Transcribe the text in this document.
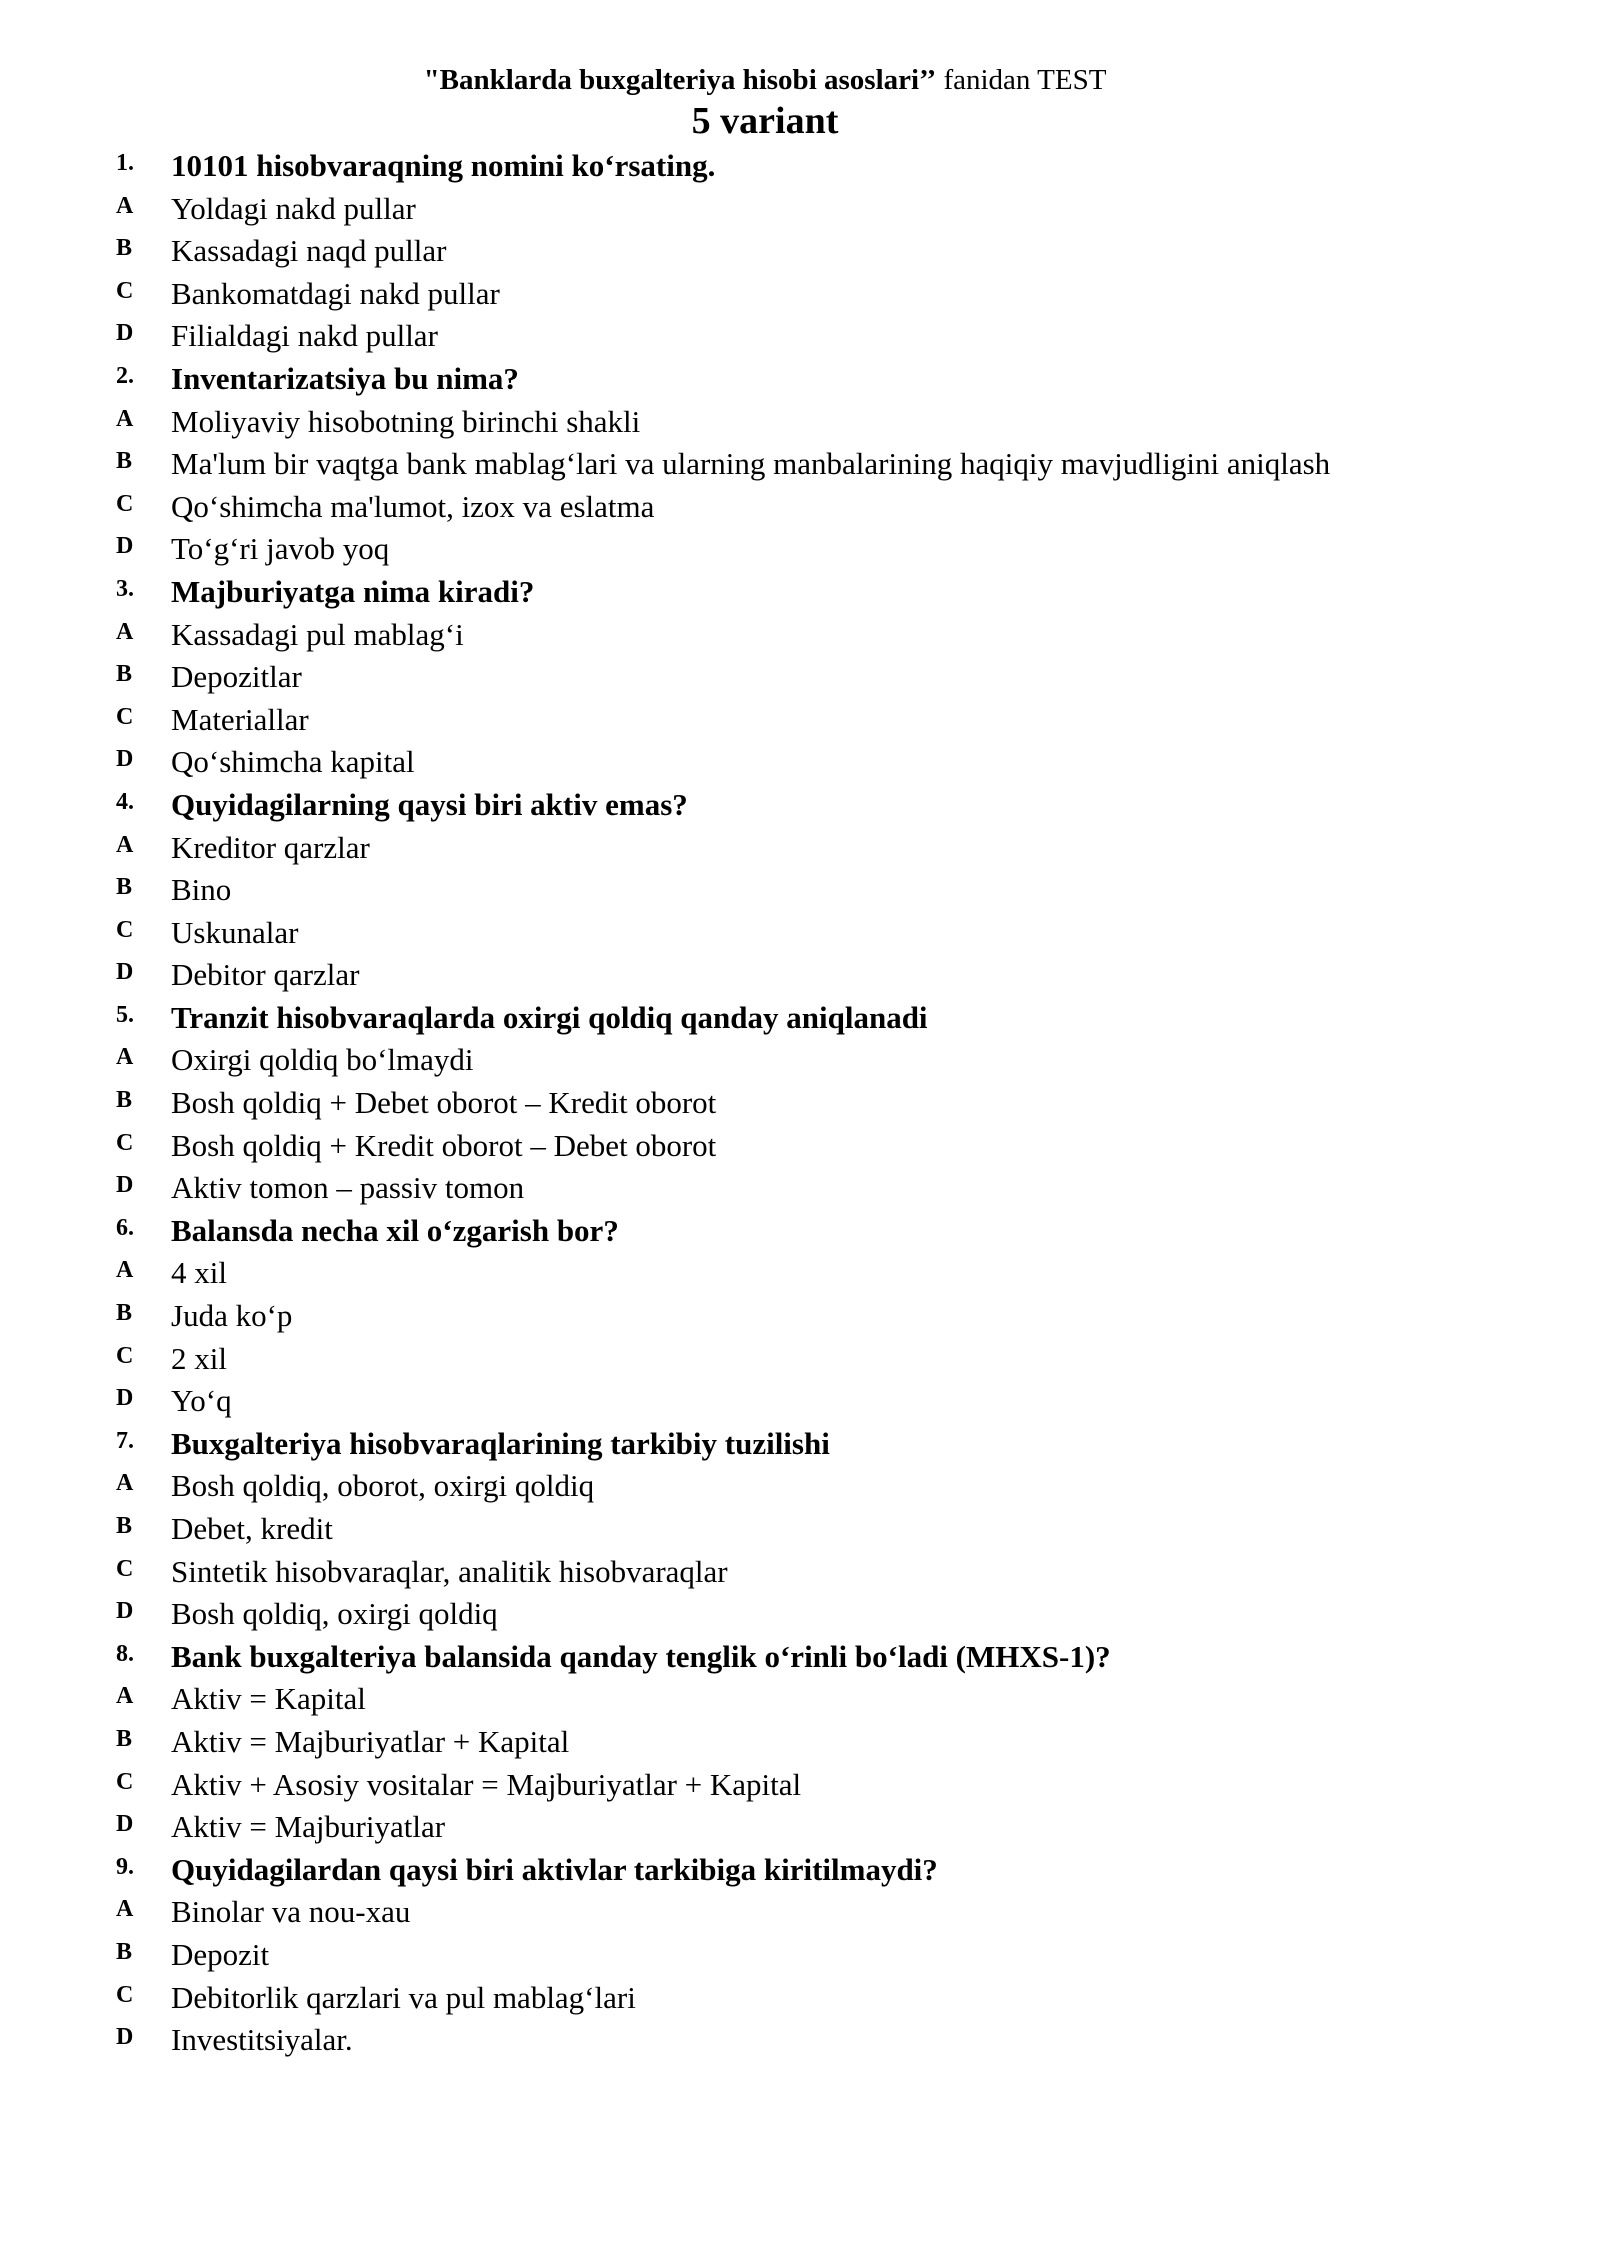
"Banklarda buxgalteriya hisobi asoslari’’ fanidan TEST
5 variant
1. 10101 hisobvaraqning nomini ko‘rsating.
A Yoldagi nakd pullar
B Kassadagi naqd pullar
C Bankomatdagi nakd pullar
D Filialdagi nakd pullar
2. Inventarizatsiya bu nima?
A Moliyaviy hisobotning birinchi shakli
B Ma'lum bir vaqtga bank mablag‘lari va ularning manbalarining haqiqiy mavjudligini aniqlash
C Qo‘shimcha ma'lumot, izox va eslatma
D To‘g‘ri javob yoq
3. Majburiyatga nima kiradi?
A Kassadagi pul mablag‘i
B Depozitlar
C Materiallar
D Qo‘shimcha kapital
4. Quyidagilarning qaysi biri aktiv emas?
A Kreditor qarzlar
B Bino
C Uskunalar
D Debitor qarzlar
5. Tranzit hisobvaraqlarda oxirgi qoldiq qanday aniqlanadi
A Oxirgi qoldiq bo‘lmaydi
B Bosh qoldiq + Debet oborot – Kredit oborot
C Bosh qoldiq + Kredit oborot – Debet oborot
D Aktiv tomon – passiv tomon
6. Balansda necha xil o‘zgarish bor?
A 4 xil
B Juda ko‘p
C 2 xil
D Yo‘q
7. Buxgalteriya hisobvaraqlarining tarkibiy tuzilishi
A Bosh qoldiq, oborot, oxirgi qoldiq
B Debet, kredit
C Sintetik hisobvaraqlar, analitik hisobvaraqlar
D Bosh qoldiq, oxirgi qoldiq
8. Bank buxgalteriya balansida qanday tenglik o‘rinli bo‘ladi (MHXS-1)?
A Aktiv = Kapital
B Aktiv = Majburiyatlar + Kapital
C Aktiv + Asosiy vositalar = Majburiyatlar + Kapital
D Aktiv = Majburiyatlar
9. Quyidagilardan qaysi biri aktivlar tarkibiga kiritilmaydi?
A Binolar va nou-xau
B Depozit
C Debitorlik qarzlari va pul mablag‘lari
D Investitsiyalar.
